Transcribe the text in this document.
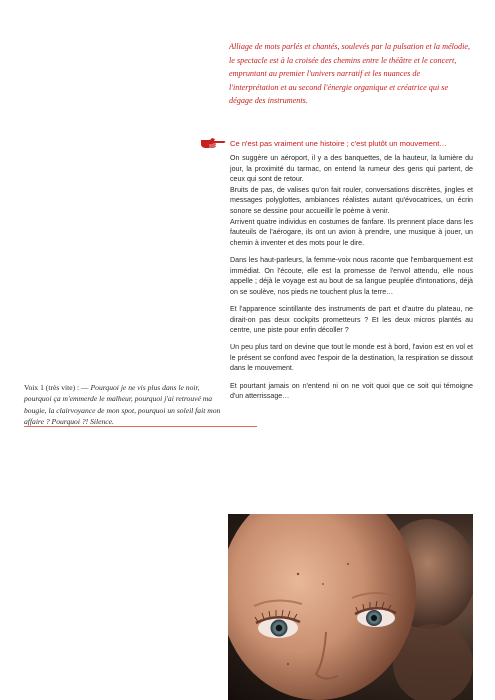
Alliage de mots parlés et chantés, soulevés par la pulsation et la mélodie, le spectacle est à la croisée des chemins entre le théâtre et le concert, empruntant au premier l'univers narratif et les nuances de l'interprétation et au second l'énergie organique et créatrice qui se dégage des instruments.

Ce n'est pas vraiment une histoire ; c'est plutôt un mouvement…

On suggère un aéroport, il y a des banquettes, de la hauteur, la lumière du jour, la proximité du tarmac, on entend la rumeur des gens qui partent, de ceux qui sont de retour.

Bruits de pas, de valises qu'on fait rouler, conversations discrètes, jingles et messages polyglottes, ambiances réalistes autant qu'évocatrices, un écrin sonore se dessine pour accueillir le poème à venir.

Arrivent quatre individus en costumes de fanfare. Ils prennent place dans les fauteuils de l'aérogare, ils ont un avion à prendre, une musique à jouer, un chemin à inventer et des mots pour le dire.

Dans les haut-parleurs, la femme-voix nous raconte que l'embarquement est immédiat. On l'écoute, elle est la promesse de l'envol attendu, elle nous appelle ; déjà le voyage est au bout de sa langue peuplée d'intonations, déjà on se soulève, nos pieds ne touchent plus la terre…

Et l'apparence scintillante des instruments de part et d'autre du plateau, ne dirait-on pas deux cockpits prometteurs ? Et les deux micros plantés au centre, une piste pour enfin décoller ?

Un peu plus tard on devine que tout le monde est à bord, l'avion est en vol et le présent se confond avec l'espoir de la destination, la respiration se dissout dans le mouvement.

Et pourtant jamais on n'entend ni on ne voit quoi que ce soit qui témoigne d'un atterrissage…

Voix 1 (très vite) : — Pourquoi je ne vis plus dans le noir, pourquoi ça m'emmerde le malheur, pourquoi j'ai retrouvé ma bougie, la clairvoyance de mon spot, pourquoi un soleil fait mon affaire ? Pourquoi ?! Silence.
